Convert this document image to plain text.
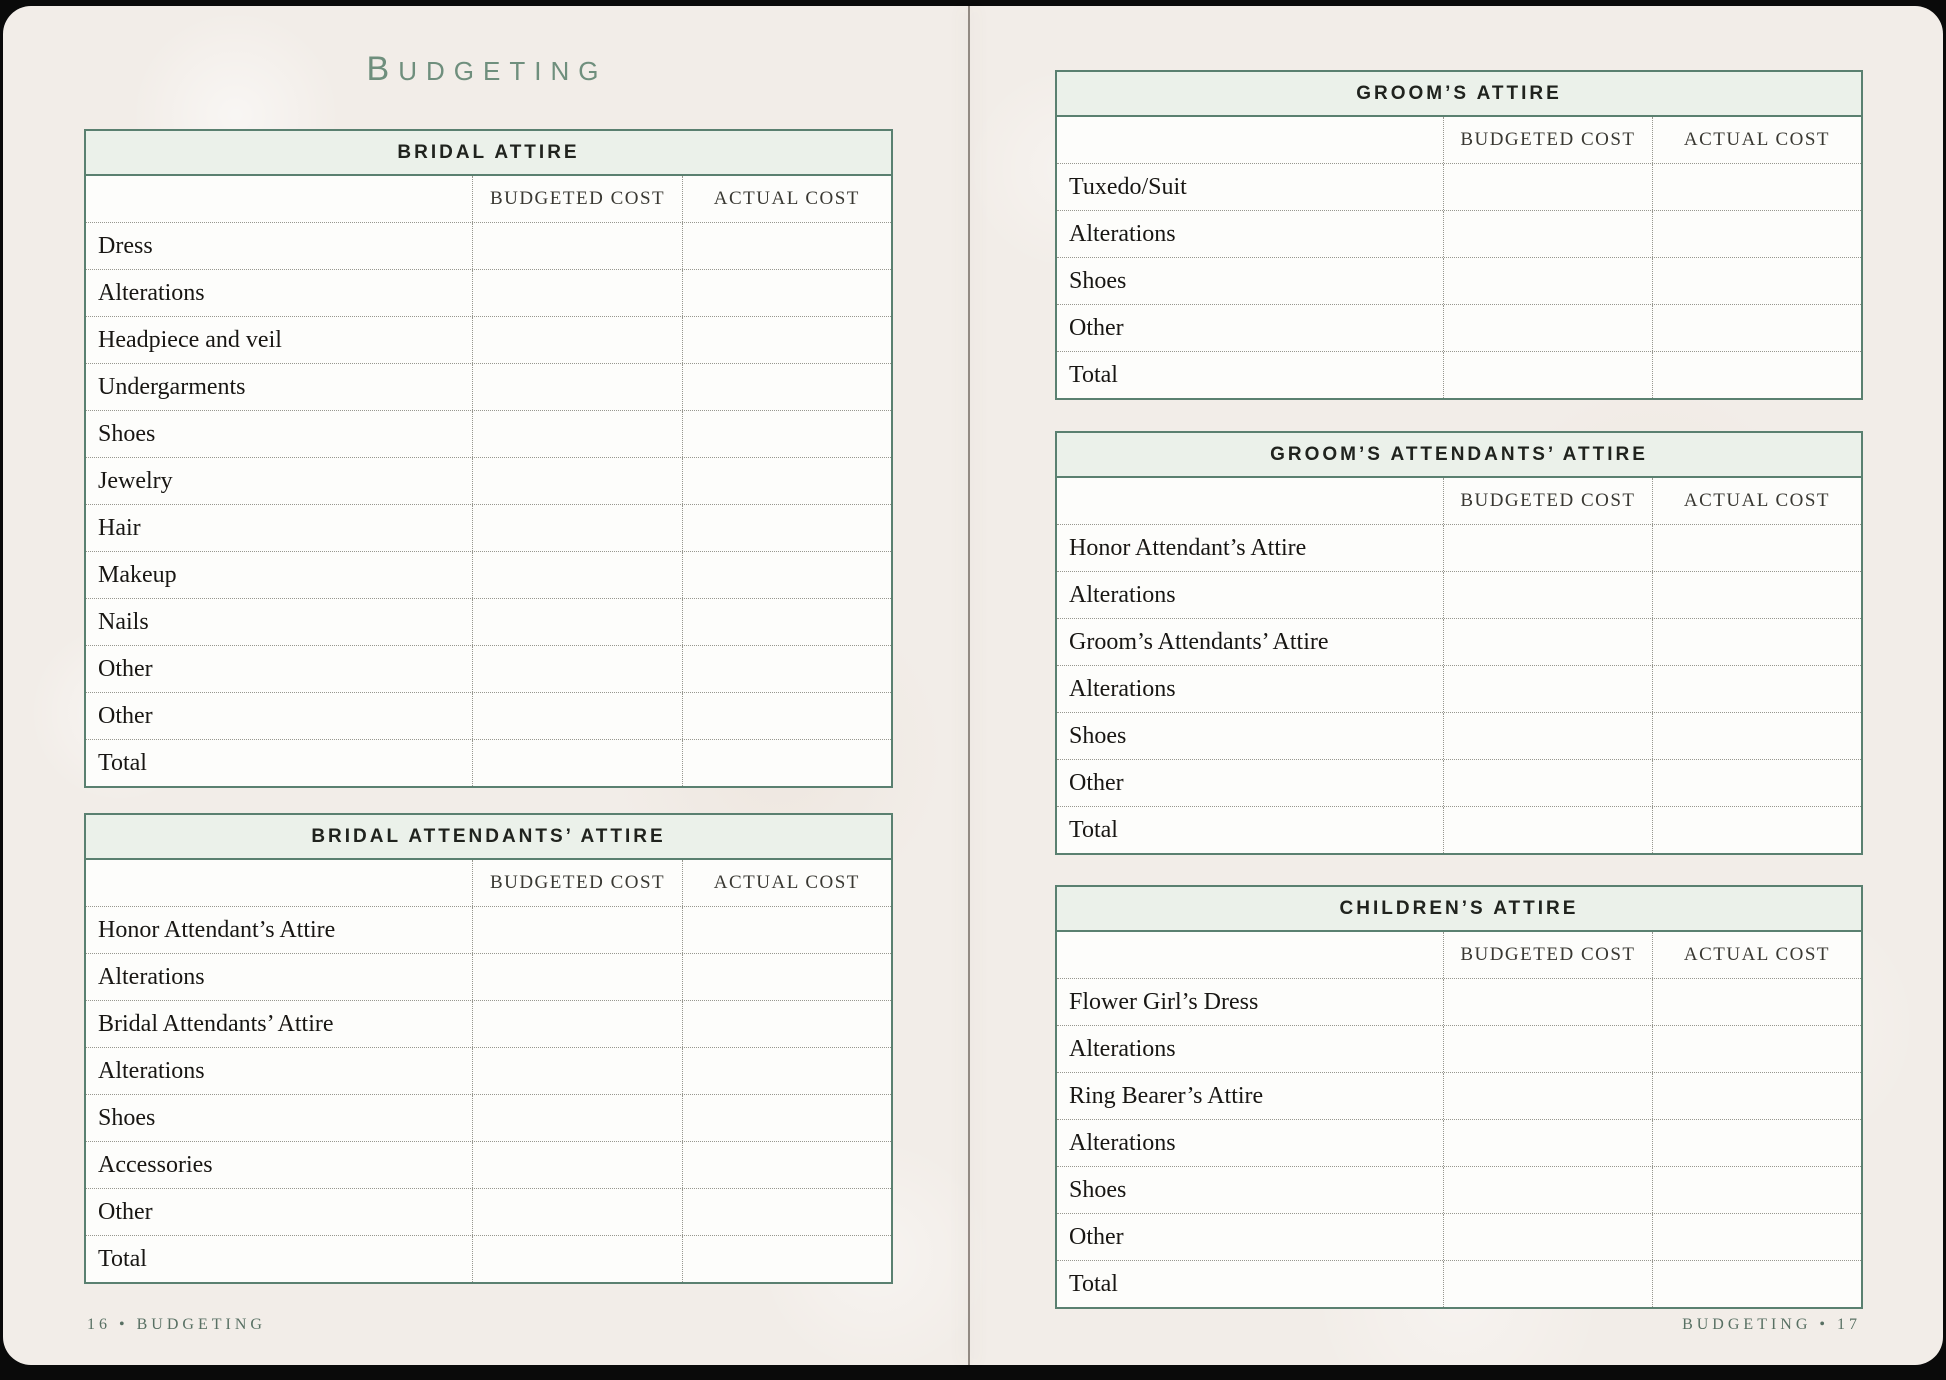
BUDGETING
BRIDAL ATTIRE
BUDGETED COST	ACTUAL COST
Dress
Alterations
Headpiece and veil
Undergarments
Shoes
Jewelry
Hair
Makeup
Nails
Other
Other
Total
BRIDAL ATTENDANTS’ ATTIRE
BUDGETED COST	ACTUAL COST
Honor Attendant’s Attire
Alterations
Bridal Attendants’ Attire
Alterations
Shoes
Accessories
Other
Total
GROOM’S ATTIRE
BUDGETED COST	ACTUAL COST
Tuxedo/Suit
Alterations
Shoes
Other
Total
GROOM’S ATTENDANTS’ ATTIRE
BUDGETED COST	ACTUAL COST
Honor Attendant’s Attire
Alterations
Groom’s Attendants’ Attire
Alterations
Shoes
Other
Total
CHILDREN’S ATTIRE
BUDGETED COST	ACTUAL COST
Flower Girl’s Dress
Alterations
Ring Bearer’s Attire
Alterations
Shoes
Other
Total
16 • BUDGETING	BUDGETING • 17
